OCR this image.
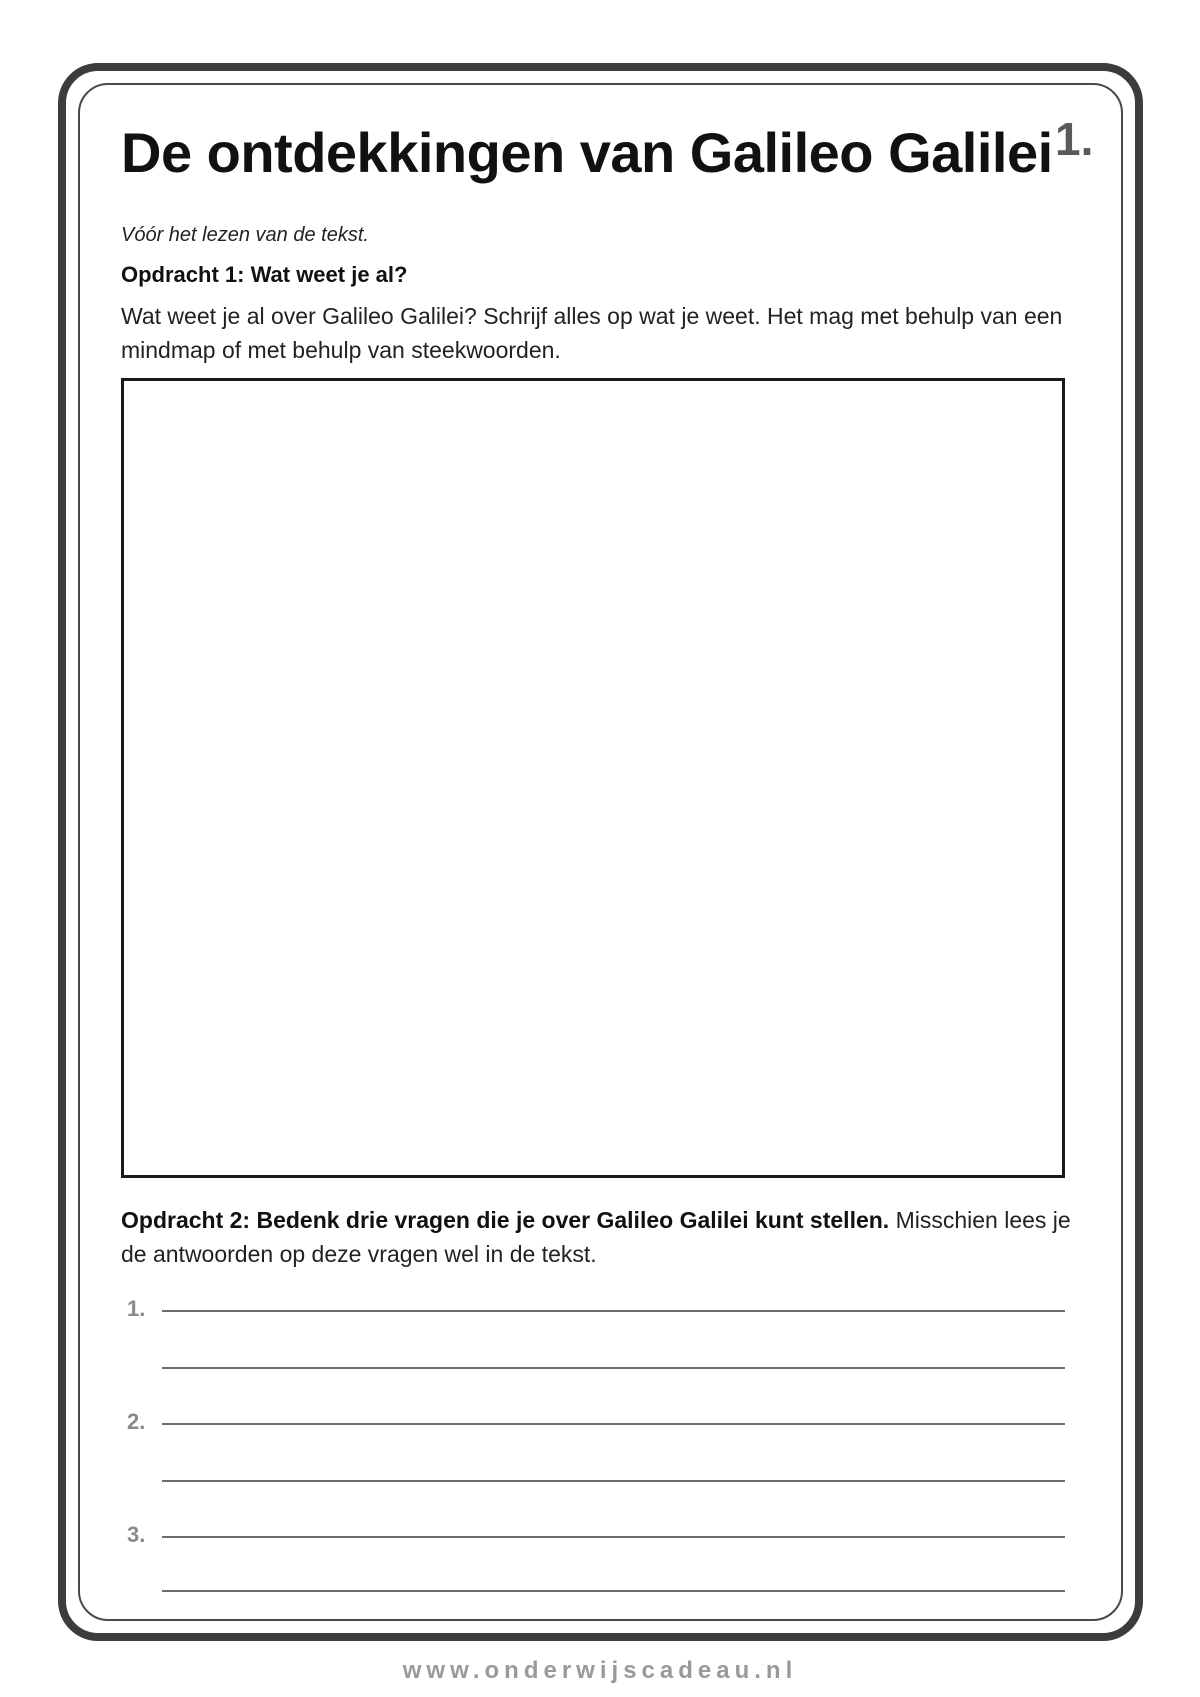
1.
De ontdekkingen van Galileo Galilei
Vóór het lezen van de tekst.
Opdracht 1: Wat weet je al?
Wat weet je al over Galileo Galilei? Schrijf alles op wat je weet. Het mag met behulp van een mindmap of met behulp van steekwoorden.
Opdracht 2: Bedenk drie vragen die je over Galileo Galilei kunt stellen. Misschien lees je de antwoorden op deze vragen wel in de tekst.
1.
2.
3.
www.onderwijscadeau.nl
